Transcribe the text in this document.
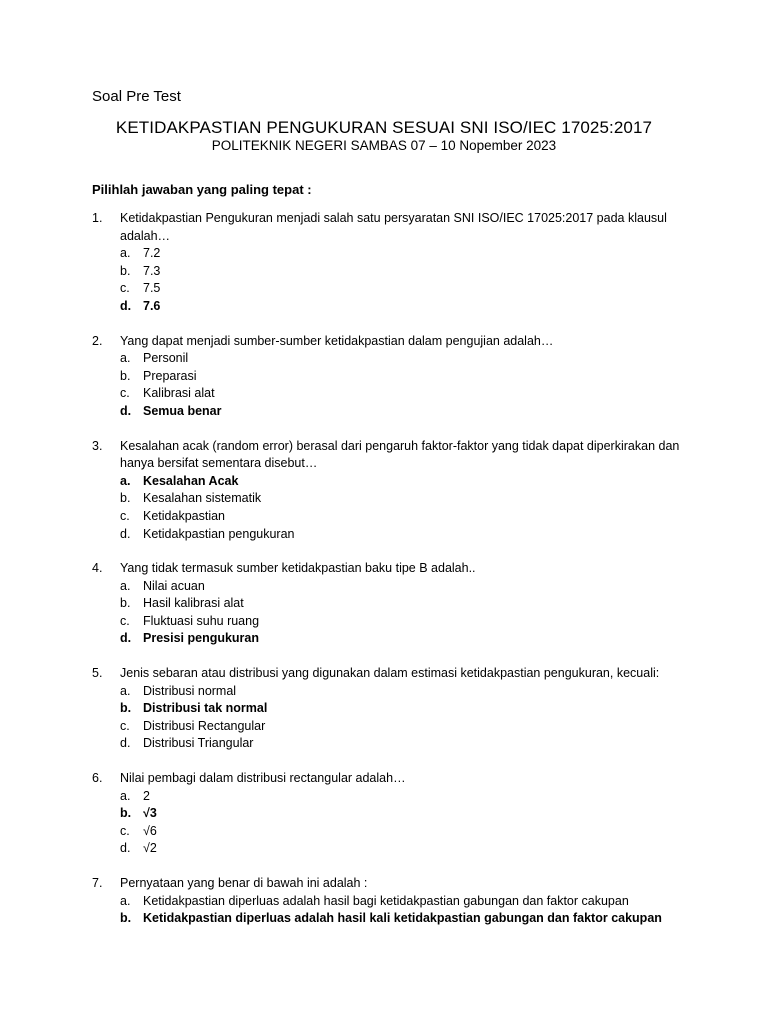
Soal Pre Test
KETIDAKPASTIAN PENGUKURAN SESUAI SNI ISO/IEC 17025:2017
POLITEKNIK NEGERI SAMBAS 07 – 10 Nopember 2023
Pilihlah jawaban yang paling tepat :
1.	Ketidakpastian Pengukuran menjadi salah satu persyaratan SNI ISO/IEC 17025:2017 pada klausul adalah…
a.	7.2
b.	7.3
c.	7.5
d. 7.6
2.	Yang dapat menjadi sumber-sumber ketidakpastian dalam pengujian adalah…
a.	Personil
b.	Preparasi
c.	Kalibrasi alat
d. Semua benar
3.	Kesalahan acak (random error) berasal dari pengaruh faktor-faktor yang tidak dapat diperkirakan dan hanya bersifat sementara disebut…
a.	Kesalahan Acak
b.	Kesalahan sistematik
c.	Ketidakpastian
d.	Ketidakpastian pengukuran
4.	Yang tidak termasuk sumber ketidakpastian baku tipe B adalah..
a.	Nilai acuan
b.	Hasil kalibrasi alat
c.	Fluktuasi suhu ruang
d. Presisi pengukuran
5.	Jenis sebaran atau distribusi yang digunakan dalam estimasi ketidakpastian pengukuran, kecuali:
a.	Distribusi normal
b. Distribusi tak normal
c.	Distribusi Rectangular
d.	Distribusi Triangular
6.	Nilai pembagi dalam distribusi rectangular adalah…
a.	2
b. √3
c.	√6
d.	√2
7.	Pernyataan yang benar di bawah ini adalah :
a.	Ketidakpastian diperluas adalah hasil bagi ketidakpastian gabungan dan faktor cakupan
b. Ketidakpastian diperluas adalah hasil kali ketidakpastian gabungan dan faktor cakupan
